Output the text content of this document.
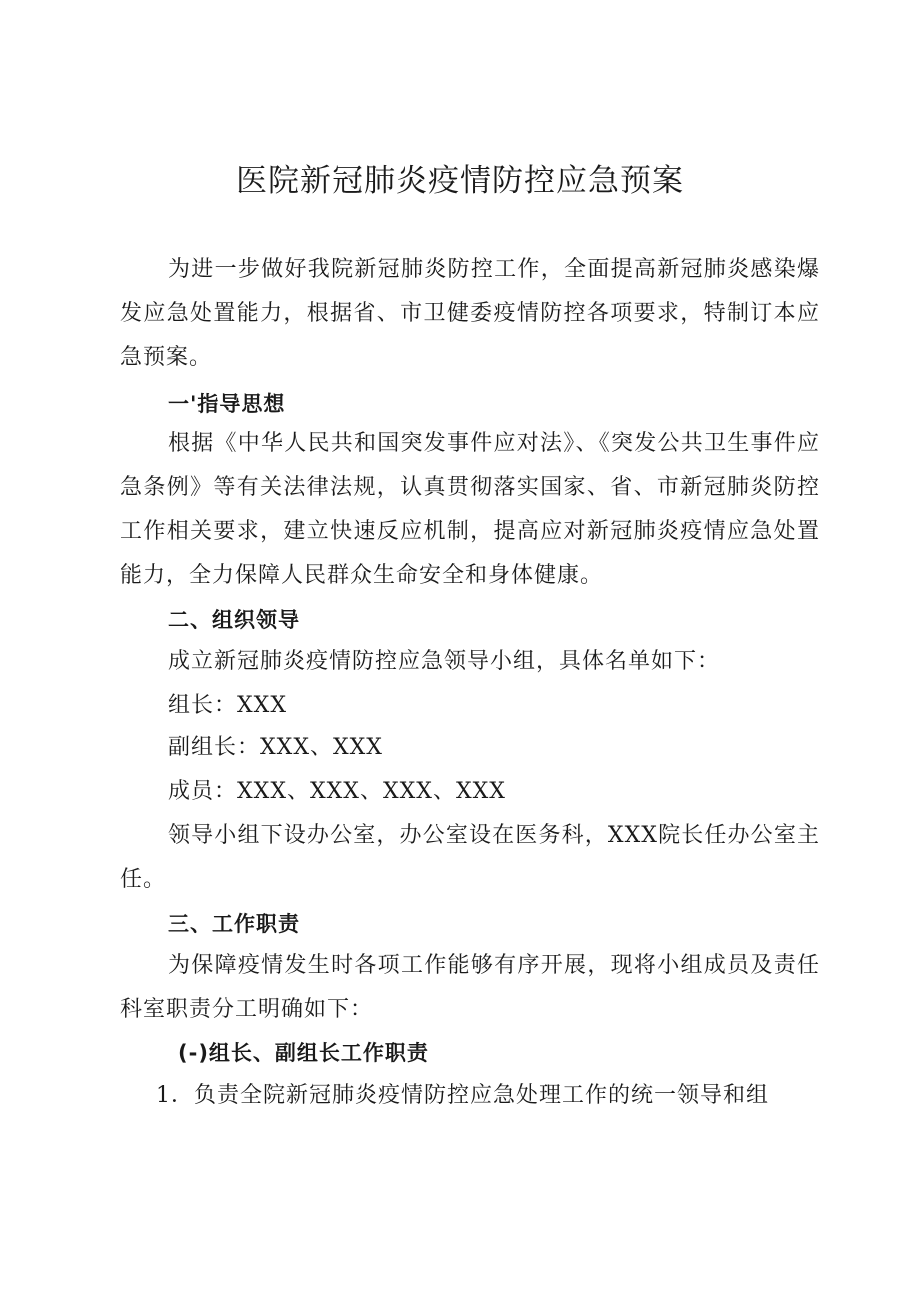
医院新冠肺炎疫情防控应急预案
为进一步做好我院新冠肺炎防控工作，全面提高新冠肺炎感染爆发应急处置能力，根据省、市卫健委疫情防控各项要求，特制订本应急预案。
一'指导思想
根据《中华人民共和国突发事件应对法》、《突发公共卫生事件应急条例》等有关法律法规，认真贯彻落实国家、省、市新冠肺炎防控工作相关要求，建立快速反应机制，提高应对新冠肺炎疫情应急处置能力，全力保障人民群众生命安全和身体健康。
二、组织领导
成立新冠肺炎疫情防控应急领导小组，具体名单如下：
组长：XXX
副组长：XXX、XXX
成员：XXX、XXX、XXX、XXX
领导小组下设办公室，办公室设在医务科，XXX院长任办公室主任。
三、工作职责
为保障疫情发生时各项工作能够有序开展，现将小组成员及责任科室职责分工明确如下：
(-)组长、副组长工作职责
1．负责全院新冠肺炎疫情防控应急处理工作的统一领导和组
